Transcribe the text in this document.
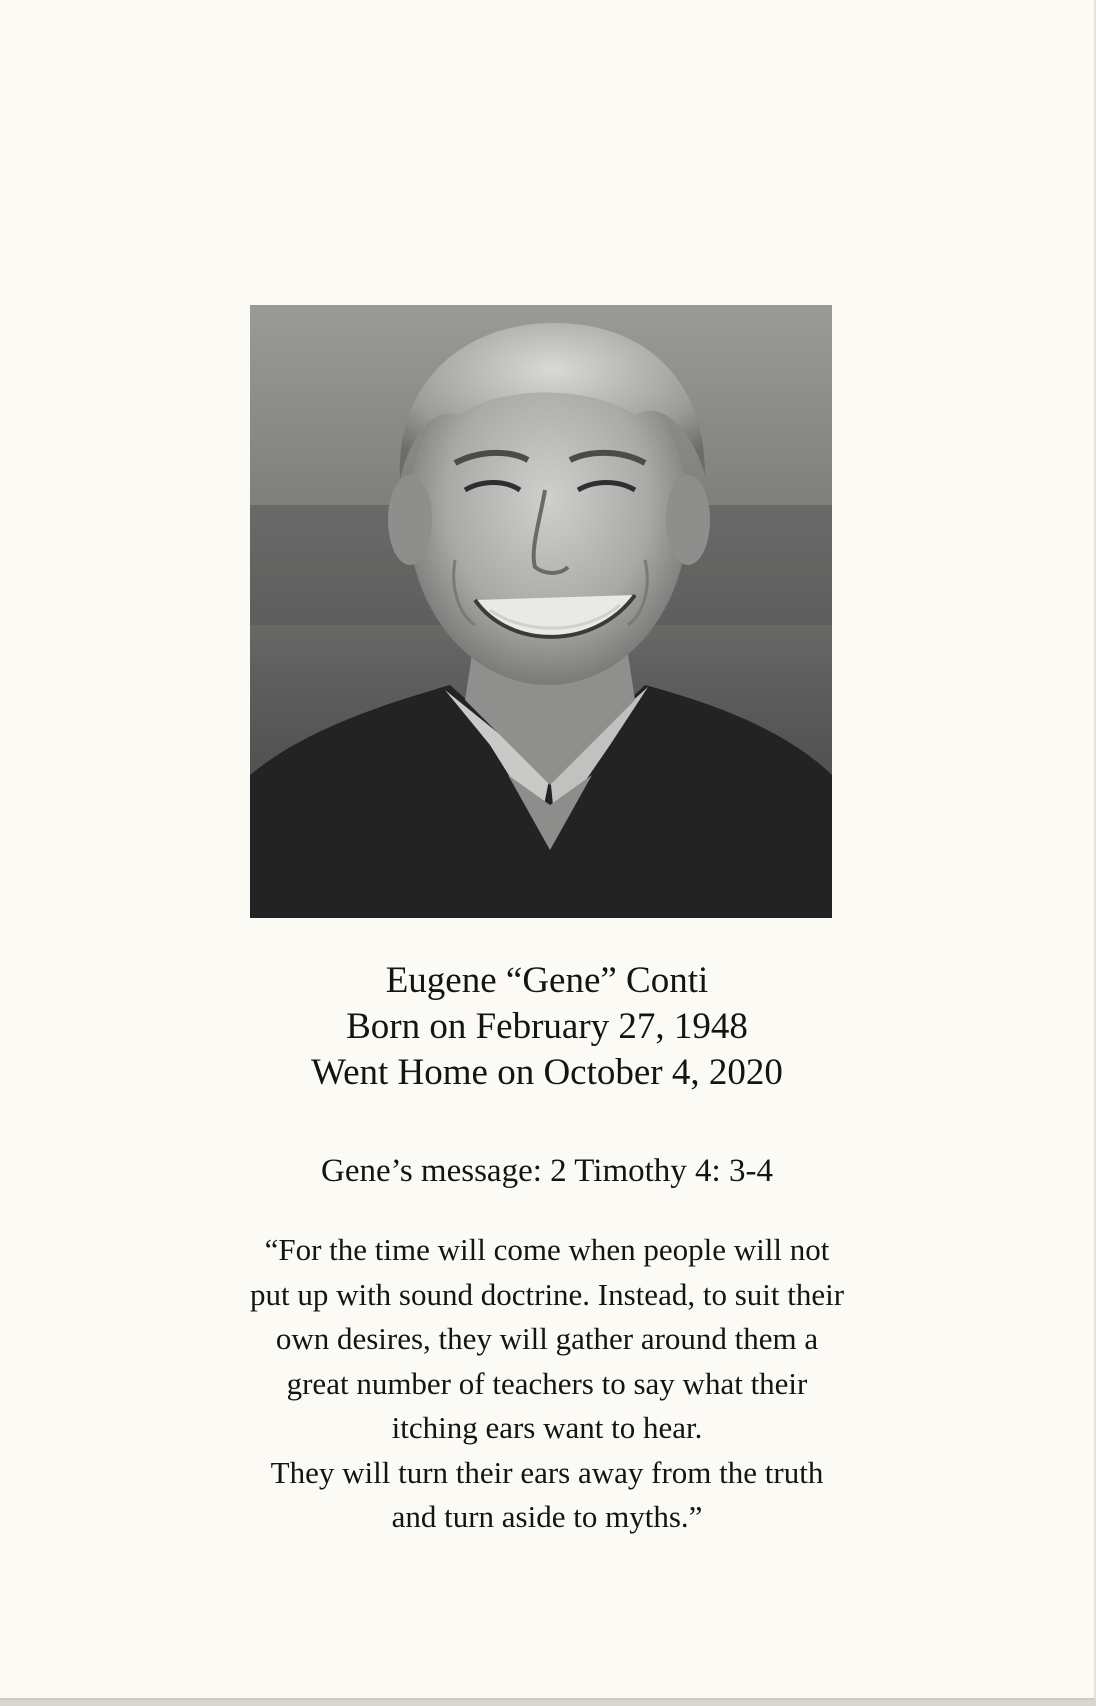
Eugene “Gene” Conti
Born on February 27, 1948
Went Home on October 4, 2020
Gene’s message: 2 Timothy 4: 3-4
“For the time will come when people will not
put up with sound doctrine. Instead, to suit their
own desires, they will gather around them a
great number of teachers to say what their
itching ears want to hear.
They will turn their ears away from the truth
and turn aside to myths.”
